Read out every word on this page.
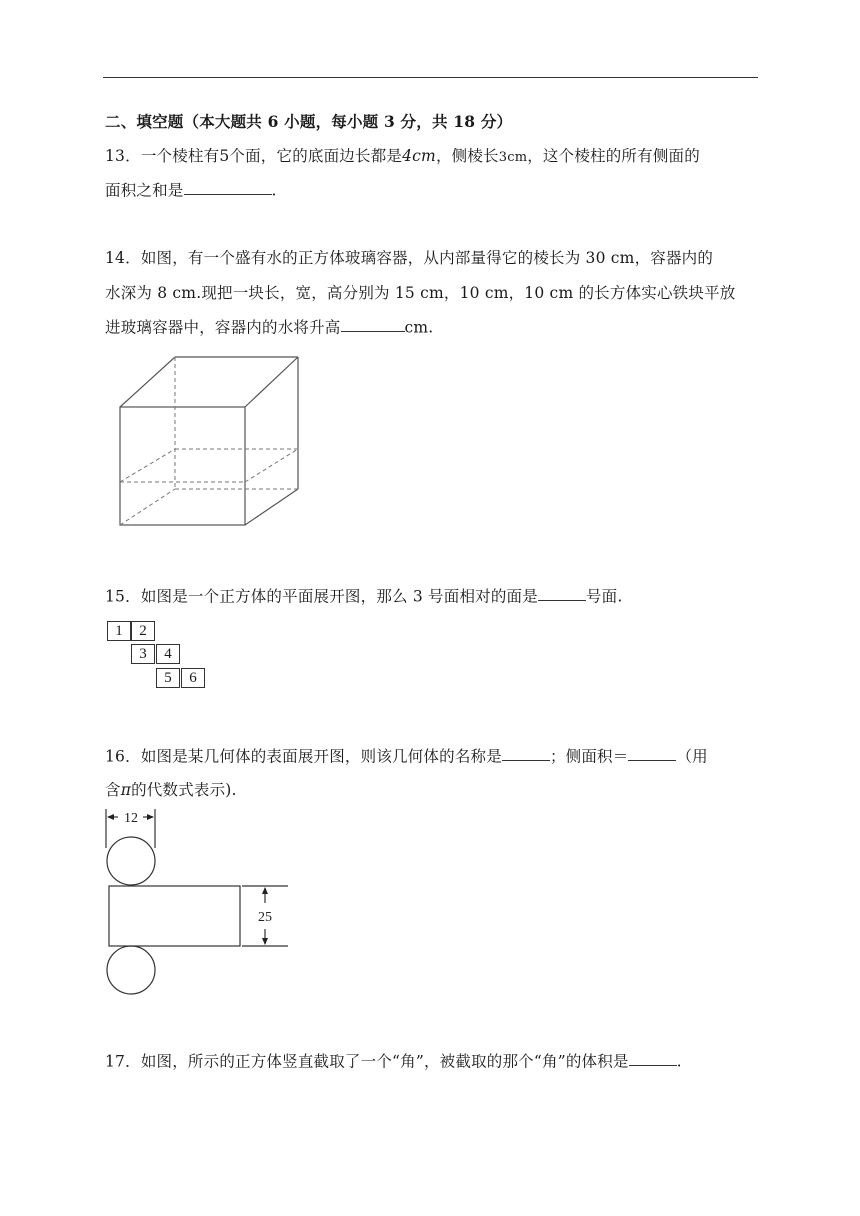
二、填空题（本大题共 6 小题，每小题 3 分，共 18 分）
13．一个棱柱有5个面，它的底面边长都是4cm，侧棱长3cm，这个棱柱的所有侧面的
面积之和是	.
14．如图，有一个盛有水的正方体玻璃容器，从内部量得它的棱长为 30 cm，容器内的
水深为 8 cm.现把一块长，宽，高分别为 15 cm，10 cm，10 cm 的长方体实心铁块平放
进玻璃容器中，容器内的水将升高	cm.
15．如图是一个正方体的平面展开图，那么 3 号面相对的面是	号面.
1	2
3	4
5	6
16．如图是某几何体的表面展开图，则该几何体的名称是	；侧面积＝	（用
含π的代数式表示).
12
25
17．如图，所示的正方体竖直截取了一个“角”，被截取的那个“角”的体积是	.
